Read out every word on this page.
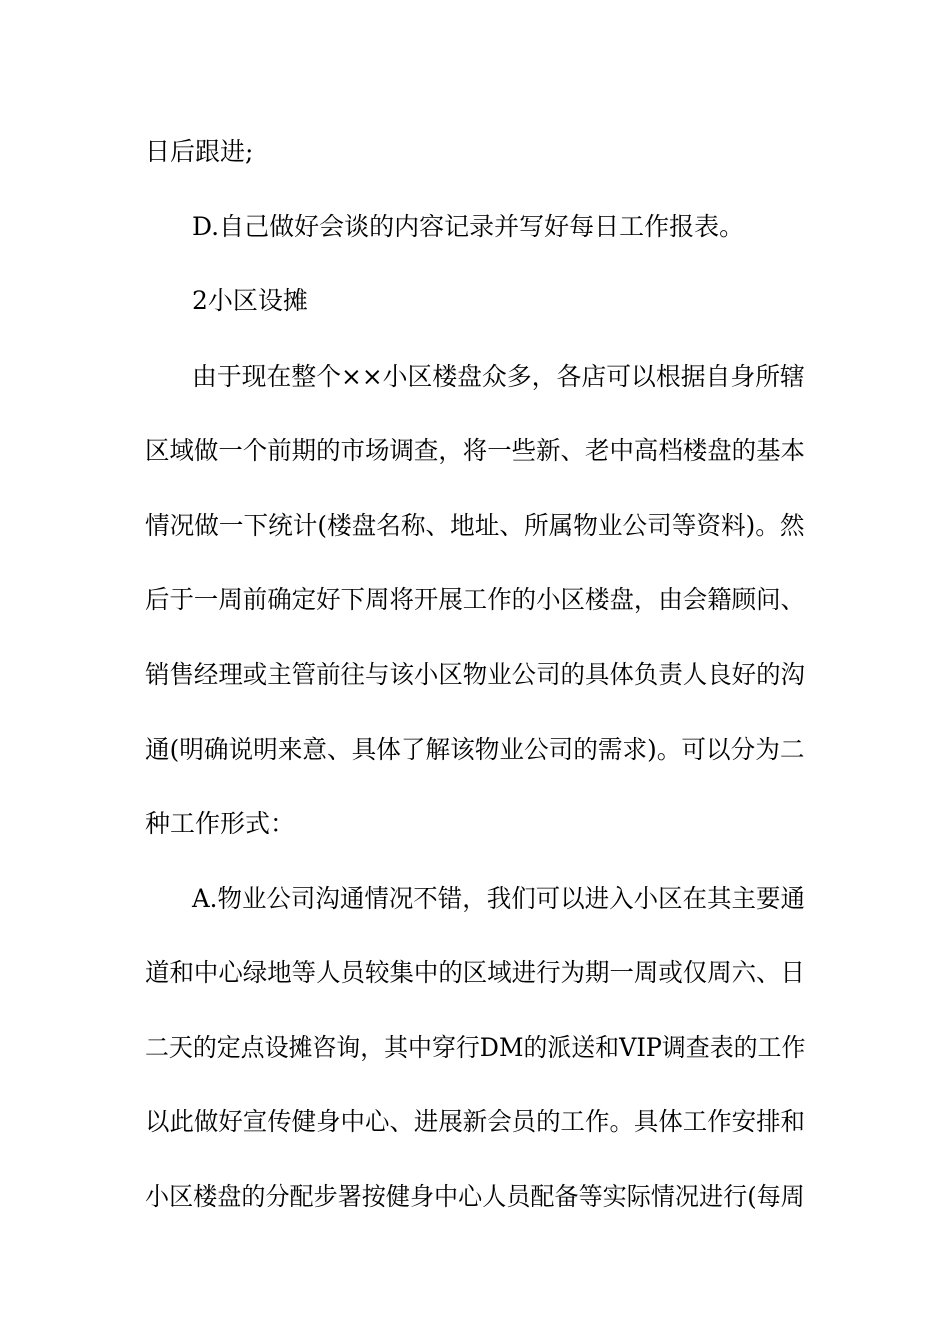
日后跟进;
D.自己做好会谈的内容记录并写好每日工作报表。
2小区设摊
由于现在整个××小区楼盘众多，各店可以根据自身所辖
区域做一个前期的市场调查，将一些新、老中高档楼盘的基本
情况做一下统计(楼盘名称、地址、所属物业公司等资料)。然
后于一周前确定好下周将开展工作的小区楼盘，由会籍顾问、
销售经理或主管前往与该小区物业公司的具体负责人良好的沟
通(明确说明来意、具体了解该物业公司的需求)。可以分为二
种工作形式：
A.物业公司沟通情况不错，我们可以进入小区在其主要通
道和中心绿地等人员较集中的区域进行为期一周或仅周六、日
二天的定点设摊咨询，其中穿行DM的派送和VIP调查表的工作
以此做好宣传健身中心、进展新会员的工作。具体工作安排和
小区楼盘的分配步署按健身中心人员配备等实际情况进行(每周
